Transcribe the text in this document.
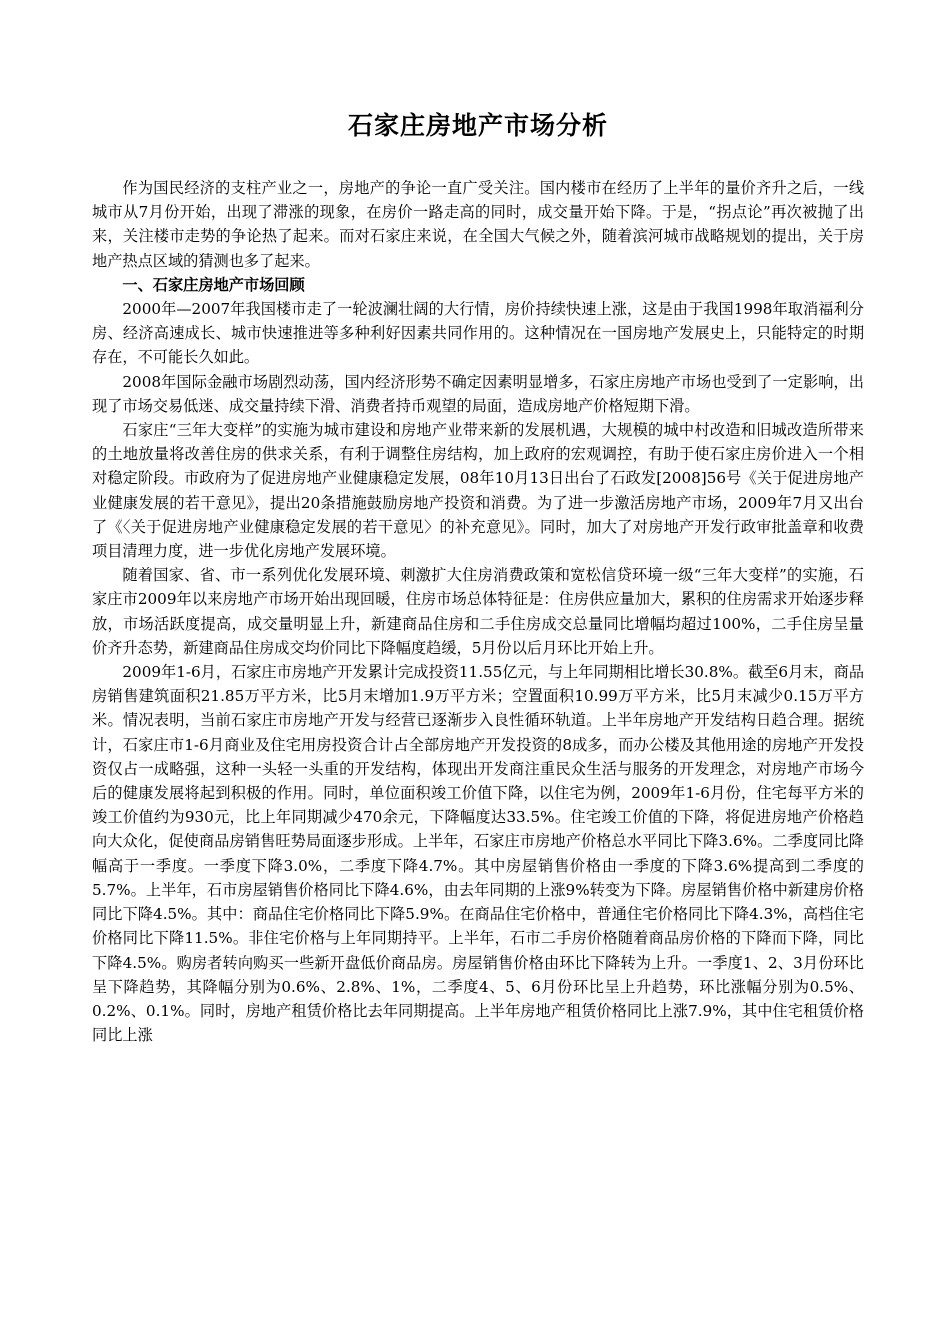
石家庄房地产市场分析

作为国民经济的支柱产业之一，房地产的争论一直广受关注。国内楼市在经历了上半年的量价齐升之后，一线城市从7月份开始，出现了滞涨的现象，在房价一路走高的同时，成交量开始下降。于是，“拐点论”再次被抛了出来，关注楼市走势的争论热了起来。而对石家庄来说，在全国大气候之外，随着滨河城市战略规划的提出，关于房地产热点区域的猜测也多了起来。

一、石家庄房地产市场回顾

2000年—2007年我国楼市走了一轮波澜壮阔的大行情，房价持续快速上涨，这是由于我国1998年取消福利分房、经济高速成长、城市快速推进等多种利好因素共同作用的。这种情况在一国房地产发展史上，只能特定的时期存在，不可能长久如此。

2008年国际金融市场剧烈动荡，国内经济形势不确定因素明显增多，石家庄房地产市场也受到了一定影响，出现了市场交易低迷、成交量持续下滑、消费者持币观望的局面，造成房地产价格短期下滑。

石家庄“三年大变样”的实施为城市建设和房地产业带来新的发展机遇，大规模的城中村改造和旧城改造所带来的土地放量将改善住房的供求关系，有利于调整住房结构，加上政府的宏观调控，有助于使石家庄房价进入一个相对稳定阶段。市政府为了促进房地产业健康稳定发展，08年10月13日出台了石政发[2008]56号《关于促进房地产业健康发展的若干意见》，提出20条措施鼓励房地产投资和消费。为了进一步激活房地产市场，2009年7月又出台了《〈关于促进房地产业健康稳定发展的若干意见〉的补充意见》。同时，加大了对房地产开发行政审批盖章和收费项目清理力度，进一步优化房地产发展环境。

随着国家、省、市一系列优化发展环境、刺激扩大住房消费政策和宽松信贷环境一级“三年大变样”的实施，石家庄市2009年以来房地产市场开始出现回暖，住房市场总体特征是：住房供应量加大，累积的住房需求开始逐步释放，市场活跃度提高，成交量明显上升，新建商品住房和二手住房成交总量同比增幅均超过100%，二手住房呈量价齐升态势，新建商品住房成交均价同比下降幅度趋缓，5月份以后月环比开始上升。

2009年1-6月，石家庄市房地产开发累计完成投资11.55亿元，与上年同期相比增长30.8%。截至6月末，商品房销售建筑面积21.85万平方米，比5月末增加1.9万平方米；空置面积10.99万平方米，比5月末减少0.15万平方米。情况表明，当前石家庄市房地产开发与经营已逐渐步入良性循环轨道。上半年房地产开发结构日趋合理。据统计，石家庄市1-6月商业及住宅用房投资合计占全部房地产开发投资的8成多，而办公楼及其他用途的房地产开发投资仅占一成略强，这种一头轻一头重的开发结构，体现出开发商注重民众生活与服务的开发理念，对房地产市场今后的健康发展将起到积极的作用。同时，单位面积竣工价值下降，以住宅为例，2009年1-6月份，住宅每平方米的竣工价值约为930元，比上年同期减少470余元，下降幅度达33.5%。住宅竣工价值的下降，将促进房地产价格趋向大众化，促使商品房销售旺势局面逐步形成。上半年，石家庄市房地产价格总水平同比下降3.6%。二季度同比降幅高于一季度。一季度下降3.0%，二季度下降4.7%。其中房屋销售价格由一季度的下降3.6%提高到二季度的5.7%。上半年，石市房屋销售价格同比下降4.6%，由去年同期的上涨9%转变为下降。房屋销售价格中新建房价格同比下降4.5%。其中：商品住宅价格同比下降5.9%。在商品住宅价格中，普通住宅价格同比下降4.3%，高档住宅价格同比下降11.5%。非住宅价格与上年同期持平。上半年，石市二手房价格随着商品房价格的下降而下降，同比下降4.5%。购房者转向购买一些新开盘低价商品房。房屋销售价格由环比下降转为上升。一季度1、2、3月份环比呈下降趋势，其降幅分别为0.6%、2.8%、1%，二季度4、5、6月份环比呈上升趋势，环比涨幅分别为0.5%、0.2%、0.1%。同时，房地产租赁价格比去年同期提高。上半年房地产租赁价格同比上涨7.9%，其中住宅租赁价格同比上涨
